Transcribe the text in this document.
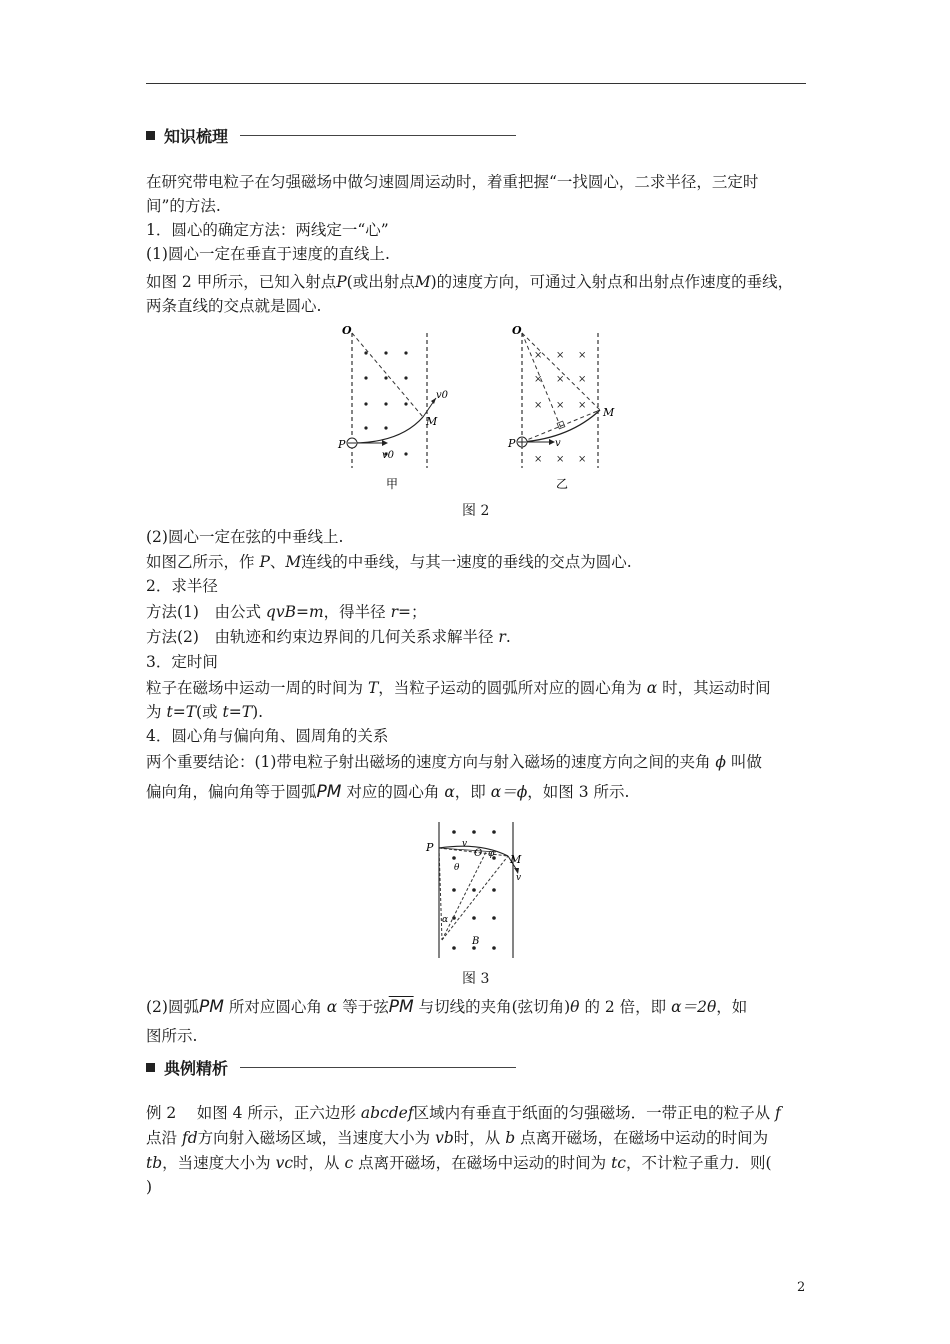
知识梳理
在研究带电粒子在匀强磁场中做匀速圆周运动时，着重把握“一找圆心，二求半径，三定时
间”的方法.
1．圆心的确定方法：两线定一“心”
(1)圆心一定在垂直于速度的直线上.
如图 2 甲所示，已知入射点P(或出射点M)的速度方向，可通过入射点和出射点作速度的垂线，
两条直线的交点就是圆心.
O
P
M
v0
v0
甲
× × ×
× × ×
× × ×
× × ×
O
P
M
v
乙
图 2
(2)圆心一定在弦的中垂线上.
如图乙所示，作 P、M连线的中垂线，与其一速度的垂线的交点为圆心.
2．求半径
方法(1)　由公式 qvB=m，得半径 r=；
方法(2)　由轨迹和约束边界间的几何关系求解半径 r.
3．定时间
粒子在磁场中运动一周的时间为 T，当粒子运动的圆弧所对应的圆心角为 α 时，其运动时间
为 t=T(或 t=T).
4．圆心角与偏向角、圆周角的关系
两个重要结论：(1)带电粒子射出磁场的速度方向与射入磁场的速度方向之间的夹角 ϕ 叫做
偏向角，偏向角等于圆弧PM 对应的圆心角 α，即 α＝ϕ，如图 3 所示.
P
M
O
v
v
θ
φ
α
B
图 3
(2)圆弧PM 所对应圆心角 α 等于弦$\overline{PM}$ 与切线的夹角(弦切角)θ 的 2 倍，即 α＝2θ，如
图所示.
典例精析
例 2　 如图 4 所示，正六边形 abcdef区域内有垂直于纸面的匀强磁场．一带正电的粒子从 f
点沿 fd方向射入磁场区域，当速度大小为 vb时，从 b 点离开磁场，在磁场中运动的时间为
tb，当速度大小为 vc时，从 c 点离开磁场，在磁场中运动的时间为 tc，不计粒子重力．则(
)
2
